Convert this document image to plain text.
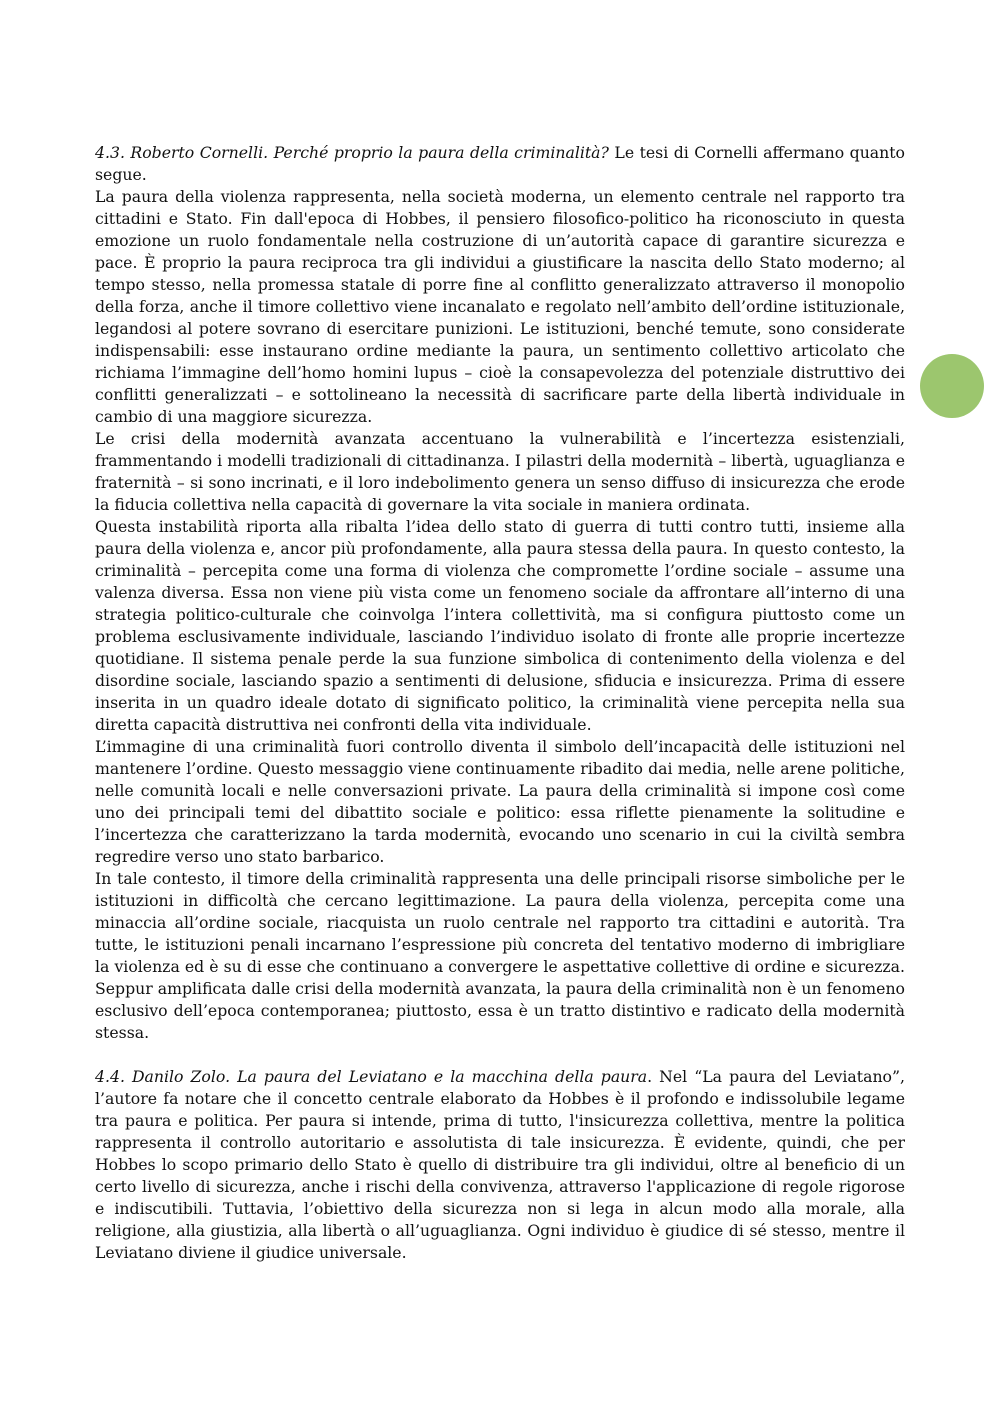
4.3. Roberto Cornelli. Perché proprio la paura della criminalità? Le tesi di Cornelli affermano quanto segue.

La paura della violenza rappresenta, nella società moderna, un elemento centrale nel rapporto tra cittadini e Stato. Fin dall'epoca di Hobbes, il pensiero filosofico-politico ha riconosciuto in questa emozione un ruolo fondamentale nella costruzione di un’autorità capace di garantire sicurezza e pace. È proprio la paura reciproca tra gli individui a giustificare la nascita dello Stato moderno; al tempo stesso, nella promessa statale di porre fine al conflitto generalizzato attraverso il monopolio della forza, anche il timore collettivo viene incanalato e regolato nell’ambito dell’ordine istituzionale, legandosi al potere sovrano di esercitare punizioni. Le istituzioni, benché temute, sono considerate indispensabili: esse instaurano ordine mediante la paura, un sentimento collettivo articolato che richiama l’immagine dell’homo homini lupus – cioè la consapevolezza del potenziale distruttivo dei conflitti generalizzati – e sottolineano la necessità di sacrificare parte della libertà individuale in cambio di una maggiore sicurezza.

Le crisi della modernità avanzata accentuano la vulnerabilità e l’incertezza esistenziali, frammentando i modelli tradizionali di cittadinanza. I pilastri della modernità – libertà, uguaglianza e fraternità – si sono incrinati, e il loro indebolimento genera un senso diffuso di insicurezza che erode la fiducia collettiva nella capacità di governare la vita sociale in maniera ordinata.

Questa instabilità riporta alla ribalta l’idea dello stato di guerra di tutti contro tutti, insieme alla paura della violenza e, ancor più profondamente, alla paura stessa della paura. In questo contesto, la criminalità – percepita come una forma di violenza che compromette l’ordine sociale – assume una valenza diversa. Essa non viene più vista come un fenomeno sociale da affrontare all’interno di una strategia politico-culturale che coinvolga l’intera collettività, ma si configura piuttosto come un problema esclusivamente individuale, lasciando l’individuo isolato di fronte alle proprie incertezze quotidiane. Il sistema penale perde la sua funzione simbolica di contenimento della violenza e del disordine sociale, lasciando spazio a sentimenti di delusione, sfiducia e insicurezza. Prima di essere inserita in un quadro ideale dotato di significato politico, la criminalità viene percepita nella sua diretta capacità distruttiva nei confronti della vita individuale.

L’immagine di una criminalità fuori controllo diventa il simbolo dell’incapacità delle istituzioni nel mantenere l’ordine. Questo messaggio viene continuamente ribadito dai media, nelle arene politiche, nelle comunità locali e nelle conversazioni private. La paura della criminalità si impone così come uno dei principali temi del dibattito sociale e politico: essa riflette pienamente la solitudine e l’incertezza che caratterizzano la tarda modernità, evocando uno scenario in cui la civiltà sembra regredire verso uno stato barbarico.

In tale contesto, il timore della criminalità rappresenta una delle principali risorse simboliche per le istituzioni in difficoltà che cercano legittimazione. La paura della violenza, percepita come una minaccia all’ordine sociale, riacquista un ruolo centrale nel rapporto tra cittadini e autorità. Tra tutte, le istituzioni penali incarnano l’espressione più concreta del tentativo moderno di imbrigliare la violenza ed è su di esse che continuano a convergere le aspettative collettive di ordine e sicurezza. Seppur amplificata dalle crisi della modernità avanzata, la paura della criminalità non è un fenomeno esclusivo dell’epoca contemporanea; piuttosto, essa è un tratto distintivo e radicato della modernità stessa.

4.4. Danilo Zolo. La paura del Leviatano e la macchina della paura. Nel “La paura del Leviatano”, l’autore fa notare che il concetto centrale elaborato da Hobbes è il profondo e indissolubile legame tra paura e politica. Per paura si intende, prima di tutto, l'insicurezza collettiva, mentre la politica rappresenta il controllo autoritario e assolutista di tale insicurezza. È evidente, quindi, che per Hobbes lo scopo primario dello Stato è quello di distribuire tra gli individui, oltre al beneficio di un certo livello di sicurezza, anche i rischi della convivenza, attraverso l'applicazione di regole rigorose e indiscutibili. Tuttavia, l’obiettivo della sicurezza non si lega in alcun modo alla morale, alla religione, alla giustizia, alla libertà o all’uguaglianza. Ogni individuo è giudice di sé stesso, mentre il Leviatano diviene il giudice universale.
